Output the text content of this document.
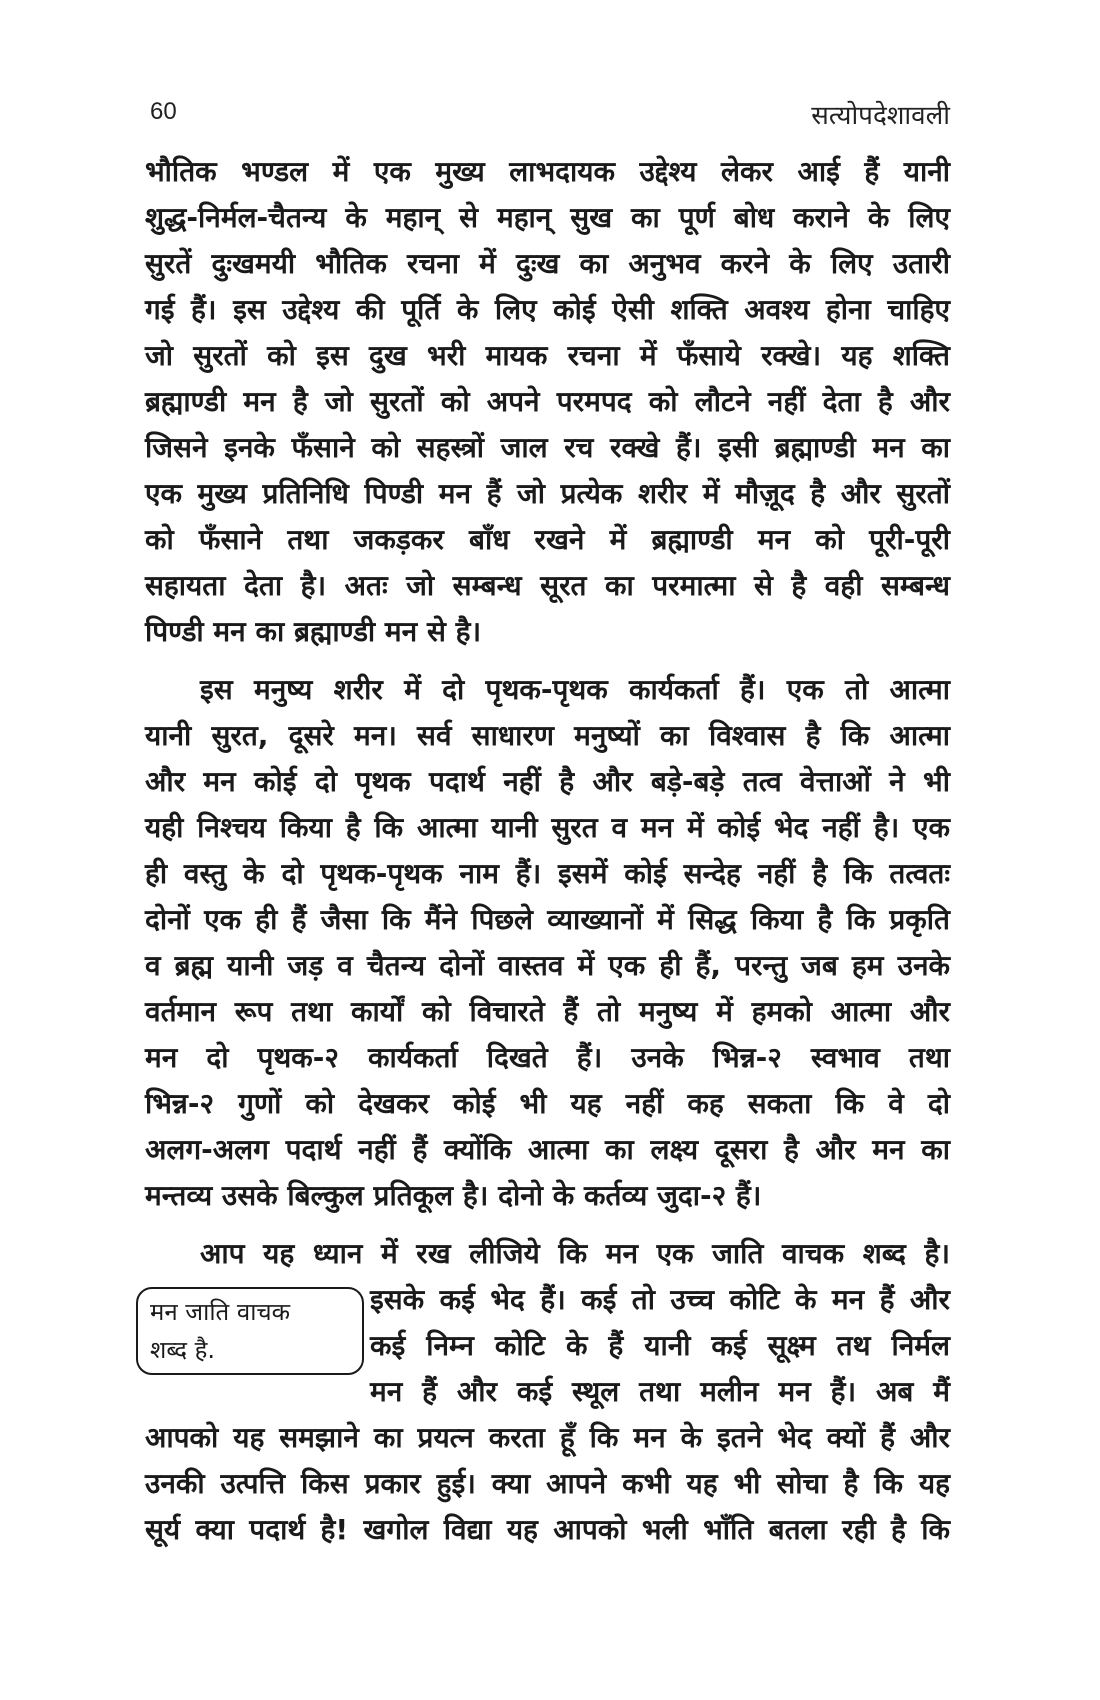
60	सत्योपदेशावली
भौतिक भण्डल में एक मुख्य लाभदायक उद्देश्य लेकर आई हैं यानी
शुद्ध-निर्मल-चैतन्य के महान् से महान् सुख का पूर्ण बोध कराने के लिए
सुरतें दुःखमयी भौतिक रचना में दुःख का अनुभव करने के लिए उतारी
गई हैं। इस उद्देश्य की पूर्ति के लिए कोई ऐसी शक्ति अवश्य होना चाहिए
जो सुरतों को इस दुख भरी मायक रचना में फँसाये रक्खे। यह शक्ति
ब्रह्माण्डी मन है जो सुरतों को अपने परमपद को लौटने नहीं देता है और
जिसने इनके फँसाने को सहस्त्रों जाल रच रक्खे हैं। इसी ब्रह्माण्डी मन का
एक मुख्य प्रतिनिधि पिण्डी मन हैं जो प्रत्येक शरीर में मौज़ूद है और सुरतों
को फँसाने तथा जकड़कर बाँध रखने में ब्रह्माण्डी मन को पूरी-पूरी
सहायता देता है। अतः जो सम्बन्ध सूरत का परमात्मा से है वही सम्बन्ध
पिण्डी मन का ब्रह्माण्डी मन से है।
इस मनुष्य शरीर में दो पृथक-पृथक कार्यकर्ता हैं। एक तो आत्मा
यानी सुरत, दूसरे मन। सर्व साधारण मनुष्यों का विश्वास है कि आत्मा
और मन कोई दो पृथक पदार्थ नहीं है और बड़े-बड़े तत्व वेत्ताओं ने भी
यही निश्चय किया है कि आत्मा यानी सुरत व मन में कोई भेद नहीं है। एक
ही वस्तु के दो पृथक-पृथक नाम हैं। इसमें कोई सन्देह नहीं है कि तत्वतः
दोनों एक ही हैं जैसा कि मैंने पिछले व्याख्यानों में सिद्ध किया है कि प्रकृति
व ब्रह्म यानी जड़ व चैतन्य दोनों वास्तव में एक ही हैं, परन्तु जब हम उनके
वर्तमान रूप तथा कार्यों को विचारते हैं तो मनुष्य में हमको आत्मा और
मन दो पृथक-२ कार्यकर्ता दिखते हैं। उनके भिन्न-२ स्वभाव तथा
भिन्न-२ गुणों को देखकर कोई भी यह नहीं कह सकता कि वे दो
अलग-अलग पदार्थ नहीं हैं क्योंकि आत्मा का लक्ष्य दूसरा है और मन का
मन्तव्य उसके बिल्कुल प्रतिकूल है। दोनो के कर्तव्य जुदा-२ हैं।
आप यह ध्यान में रख लीजिये कि मन एक जाति वाचक शब्द है।
मन जाति वाचक
शब्द है.
इसके कई भेद हैं। कई तो उच्च कोटि के मन हैं और
कई निम्न कोटि के हैं यानी कई सूक्ष्म तथ निर्मल
मन हैं और कई स्थूल तथा मलीन मन हैं। अब मैं
आपको यह समझाने का प्रयत्न करता हूँ कि मन के इतने भेद क्यों हैं और
उनकी उत्पत्ति किस प्रकार हुई। क्या आपने कभी यह भी सोचा है कि यह
सूर्य क्या पदार्थ है! खगोल विद्या यह आपको भली भाँति बतला रही है कि
